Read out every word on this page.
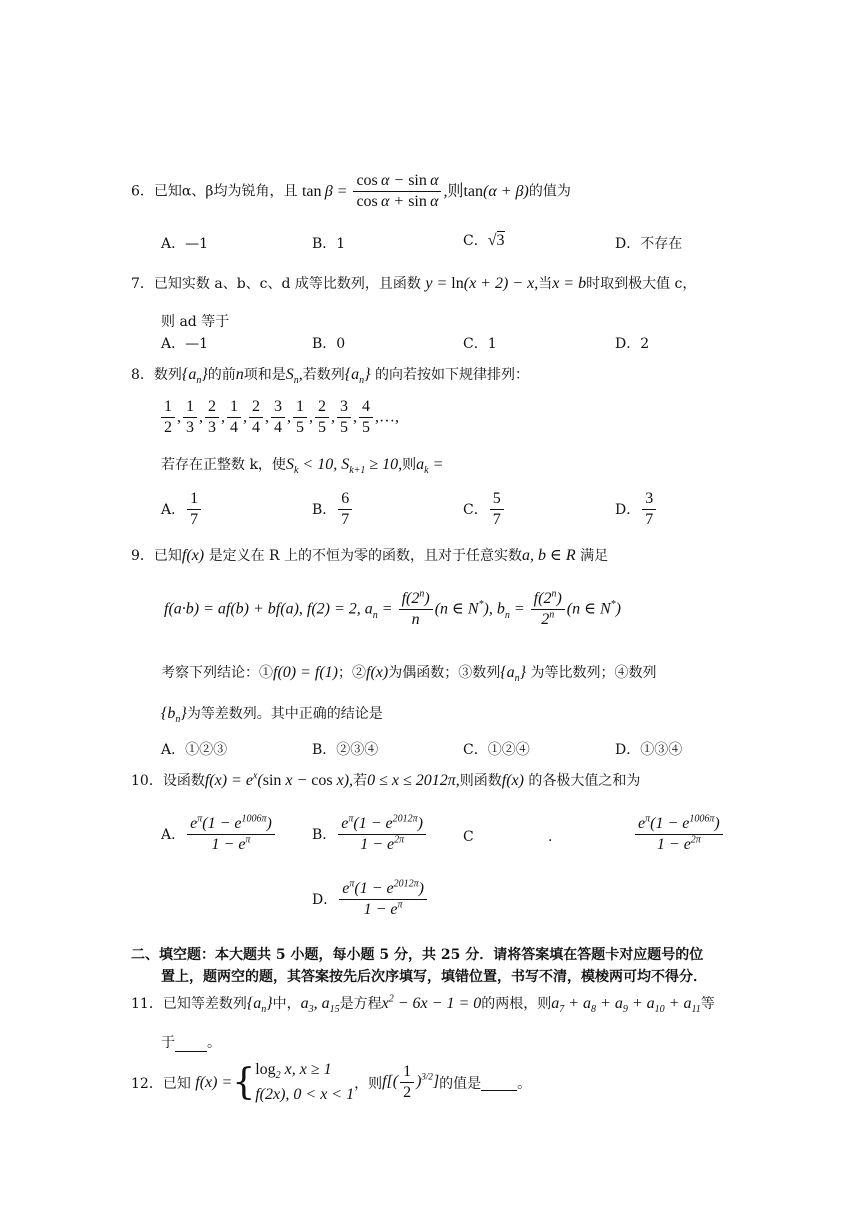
6．已知α、β均为锐角，且 $\tan \beta = \frac{\text{cos α − sin α}}{\text{cos α + sin α}}$ ,则tan(α + β)的值为
A．—1	B．1	C．√3	D．不存在
7．已知实数 a、b、c、d 成等比数列，且函数 y = ln(x + 2) − x,当x = b时取到极大值 c，
则 ad 等于
A．—1	B．0	C．1	D．2
8．数列$\{a_n\}$的前n项和是$S_n$,若数列$\{a_n\}$ 的向若按如下规律排列：
$\frac{1}{2}$ , $\frac{1}{3}$ , $\frac{2}{3}$ , $\frac{1}{4}$ , $\frac{2}{4}$ , $\frac{3}{4}$ , $\frac{1}{5}$ , $\frac{2}{5}$ , $\frac{3}{5}$ , $\frac{4}{5}$ ,…,
若存在正整数 k，使$S_k < 10$, $S_{k+1} \ge 10$,则$a_k$ =
A． $\frac{1}{7}$	B． $\frac{6}{7}$	C． $\frac{5}{7}$	D． $\frac{3}{7}$
9．已知f(x) 是定义在 R 上的不恒为零的函数，且对于任意实数a, b ∈ R 满足
f(a·b) = af(b) + bf(a), f(2) = 2, $a_n = \frac{f(2^n)}{n} (n$ ∈ N*), $b_n = \frac{f(2^n)}{2^n} (n$ ∈ N*)
考察下列结论：①f(0) = f(1)；②f(x)为偶函数；③数列$\{a_n\}$ 为等比数列；④数列
$\{b_n\}$为等差数列。其中正确的结论是
A．①②③	B．②③④	C．①②④	D．①③④
10．设函数$f(x) = e^x(\sin$ x − cos x),若0 ≤ x ≤ 2012π,则函数f(x) 的各极大值之和为
A． $\frac{e^\pi(1 - e^{1006\pi})}{1 - e^\pi}$	B． $\frac{e^\pi(1 - e^{2012\pi})}{1 - e^{2\pi}}$	C	.	$\frac{e^\pi(1 - e^{1006\pi})}{1 - e^{2\pi}}$
D． $\frac{e^\pi(1 - e^{2012\pi})}{1 - e^\pi}$
二、填空题：本大题共 5 小题，每小题 5 分，共 25 分．请将答案填在答题卡对应题号的位
置上，题两空的题，其答案按先后次序填写，填错位置，书写不清，模棱两可均不得分．
11．已知等差数列$\{a_n\}$中，$a_3$, $a_{15}$是方程$x^2 - 6x - 1 = 0$的两根，则$a_7 + a_8 + a_9 + a_{10} + a_{11}$等
于 。
12．已知 f(x) ={ $\log_2 x$, x ≥ 1
f(2x), 0 < x < 1
，则$f[( \frac{1}{2} )^{3/2}]$的值是	。
